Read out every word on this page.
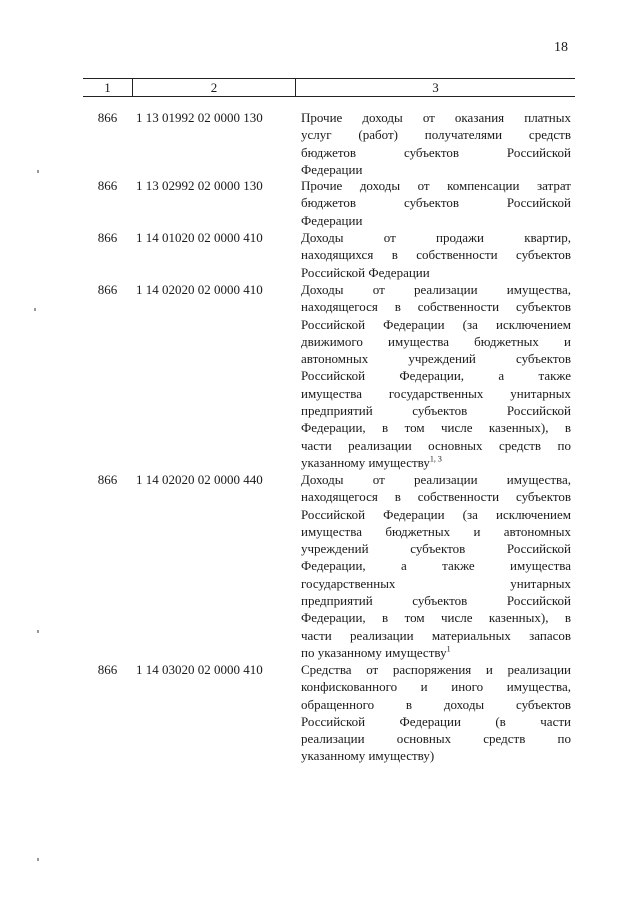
18
1	2	3
866	1 13 01992 02 0000 130	Прочие доходы от оказания платных
услуг (работ) получателями средств
бюджетов субъектов Российской
Федерации
866	1 13 02992 02 0000 130	Прочие доходы от компенсации затрат
бюджетов субъектов Российской
Федерации
866	1 14 01020 02 0000 410	Доходы от продажи квартир,
находящихся в собственности субъектов
Российской Федерации
866	1 14 02020 02 0000 410	Доходы от реализации имущества,
находящегося в собственности субъектов
Российской Федерации (за исключением
движимого имущества бюджетных и
автономных учреждений субъектов
Российской Федерации, а также
имущества государственных унитарных
предприятий субъектов Российской
Федерации, в том числе казенных), в
части реализации основных средств по
указанному имуществу$^{1, 3}$
866	1 14 02020 02 0000 440	Доходы от реализации имущества,
находящегося в собственности субъектов
Российской Федерации (за исключением
имущества бюджетных и автономных
учреждений субъектов Российской
Федерации, а также имущества
государственных унитарных
предприятий субъектов Российской
Федерации, в том числе казенных), в
части реализации материальных запасов
по указанному имуществу$^1$
866	1 14 03020 02 0000 410	Средства от распоряжения и реализации
конфискованного и иного имущества,
обращенного в доходы субъектов
Российской Федерации (в части
реализации основных средств по
указанному имуществу)
